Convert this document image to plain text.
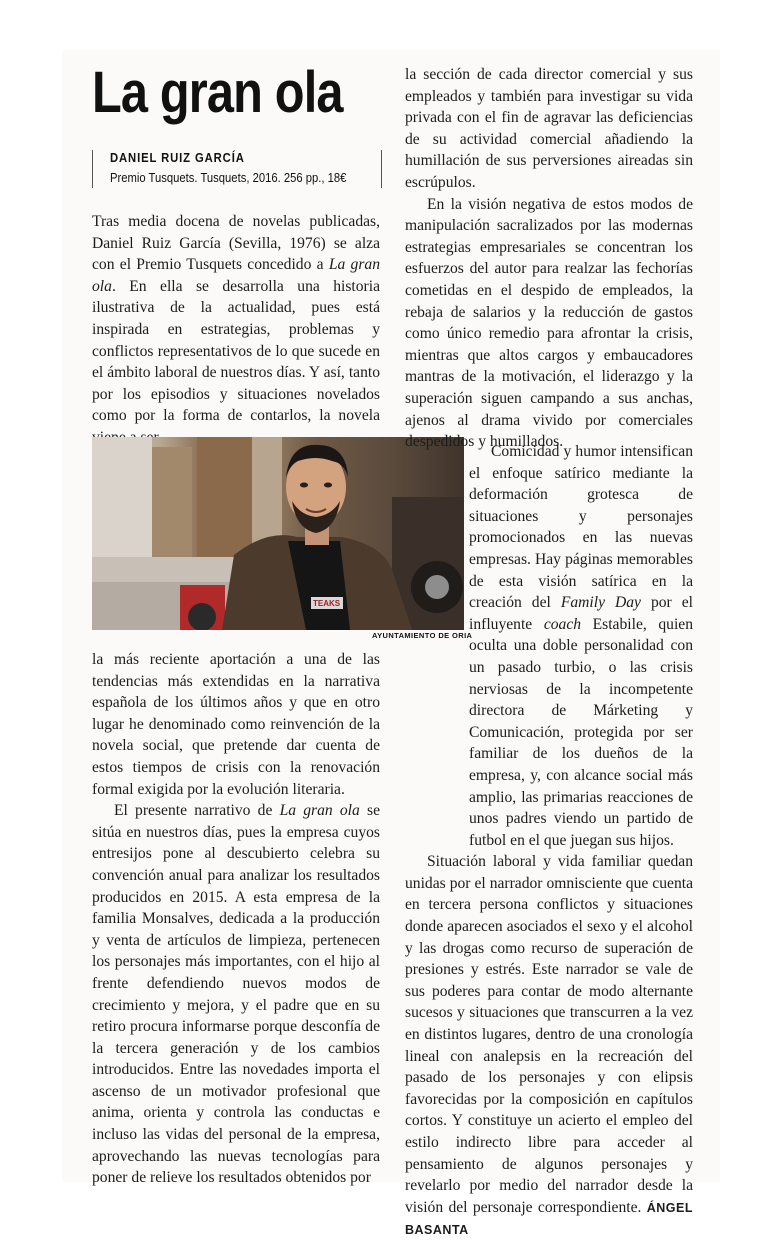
La gran ola
DANIEL RUIZ GARCÍA
Premio Tusquets. Tusquets, 2016. 256 pp., 18€

Tras media docena de novelas publicadas, Daniel Ruiz García (Sevilla, 1976) se alza con el Premio Tusquets concedido a La gran ola. En ella se desarrolla una historia ilustrativa de la actualidad, pues está inspirada en estrategias, problemas y conflictos representativos de lo que sucede en el ámbito laboral de nuestros días. Y así, tanto por los episodios y situaciones novelados como por la forma de contarlos, la novela

TEAKS
AYUNTAMIENTO DE ORIA

la más reciente aportación a una de las tendencias más extendidas en la narrativa española de los últimos años y que en otro lugar he denominado como reinvención de la novela social, que pretende dar cuenta de estos tiempos de crisis con la renovación formal exigida por la evolución literaria.

El presente narrativo de La gran ola se sitúa en nuestros días, pues la empresa cuyos entresijos pone al descubierto celebra su convención anual para analizar los resultados producidos en 2015. A esta empresa de la familia Monsalves, dedicada a la producción y venta de artículos de limpieza, pertenecen los personajes más importantes, con el hijo al frente defendiendo nuevos modos de crecimiento y mejora, y el padre que en su retiro procura informarse porque desconfía de la tercera generación y de los cambios introducidos. Entre las novedades importa el ascenso de un motivador profesional que anima, orienta y controla las conductas e incluso las vidas del personal de la empresa, aprovechando las nuevas tecnologías para poner de relieve los resultados obtenidos por

la sección de cada director comercial y sus empleados y también para investigar su vida privada con el fin de agravar las deficiencias de su actividad comercial añadiendo la humillación de sus perversiones aireadas sin escrúpulos.

En la visión negativa de estos modos de manipulación sacralizados por las modernas estrategias empresariales se concentran los esfuerzos del autor para realzar las fechorías cometidas en el despido de empleados, la rebaja de salarios y la reducción de gastos como único remedio para afrontar la crisis, mientras que altos cargos y embaucadores mantras de la motivación, el liderazgo y la superación siguen campando a sus anchas, ajenos al drama vivido por comerciales despedidos y humillados.

Comicidad y humor intensifican el enfoque satírico mediante la deformación grotesca de situaciones y personajes promocionados en las nuevas empresas. Hay páginas memorables de esta visión satírica en la creación del Family Day por el influyente coach Estabile, quien oculta una doble personalidad con un pasado turbio, o las crisis nerviosas de la incompetente directora de Márketing y Comunicación, protegida por ser familiar de los dueños de la empresa, y, con alcance social más amplio, las primarias reacciones de unos padres viendo un partido de futbol en el que juegan sus hijos.

Situación laboral y vida familiar quedan unidas por el narrador omnisciente que cuenta en tercera persona conflictos y situaciones donde aparecen asociados el sexo y el alcohol y las drogas como recurso de superación de presiones y estrés. Este narrador se vale de sus poderes para contar de modo alternante sucesos y situaciones que transcurren a la vez en distintos lugares, dentro de una cronología lineal con analepsis en la recreación del pasado de los personajes y con elipsis favorecidas por la composición en capítulos cortos. Y constituye un acierto el empleo del estilo indirecto libre para acceder al pensamiento de algunos personajes y revelarlo por medio del narrador desde la visión del personaje correspondiente. ÁNGEL BASANTA
